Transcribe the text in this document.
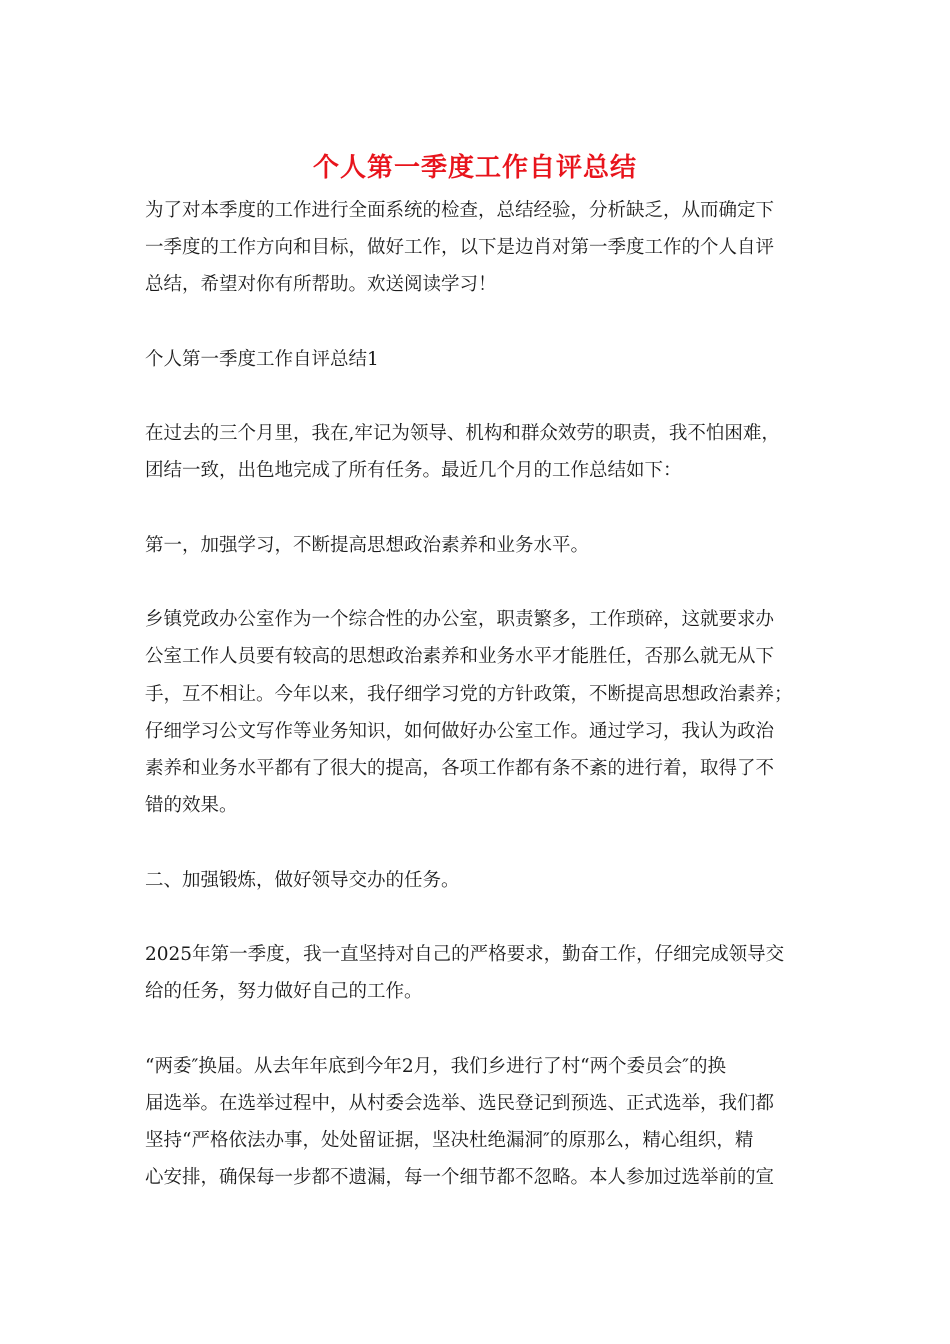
个人第一季度工作自评总结

为了对本季度的工作进行全面系统的检查，总结经验，分析缺乏，从而确定下
一季度的工作方向和目标，做好工作，以下是边肖对第一季度工作的个人自评
总结，希望对你有所帮助。欢送阅读学习！

个人第一季度工作自评总结1

在过去的三个月里，我在,牢记为领导、机构和群众效劳的职责，我不怕困难，
团结一致，出色地完成了所有任务。最近几个月的工作总结如下：

第一，加强学习，不断提高思想政治素养和业务水平。

乡镇党政办公室作为一个综合性的办公室，职责繁多，工作琐碎，这就要求办
公室工作人员要有较高的思想政治素养和业务水平才能胜任，否那么就无从下
手，互不相让。今年以来，我仔细学习党的方针政策，不断提高思想政治素养；
仔细学习公文写作等业务知识，如何做好办公室工作。通过学习，我认为政治
素养和业务水平都有了很大的提高，各项工作都有条不紊的进行着，取得了不
错的效果。

二、加强锻炼，做好领导交办的任务。

2025年第一季度，我一直坚持对自己的严格要求，勤奋工作，仔细完成领导交
给的任务，努力做好自己的工作。

“两委″换届。从去年年底到今年2月，我们乡进行了村“两个委员会″的换
届选举。在选举过程中，从村委会选举、选民登记到预选、正式选举，我们都
坚持“严格依法办事，处处留证据，坚决杜绝漏洞″的原那么，精心组织，精
心安排，确保每一步都不遗漏，每一个细节都不忽略。本人参加过选举前的宣
